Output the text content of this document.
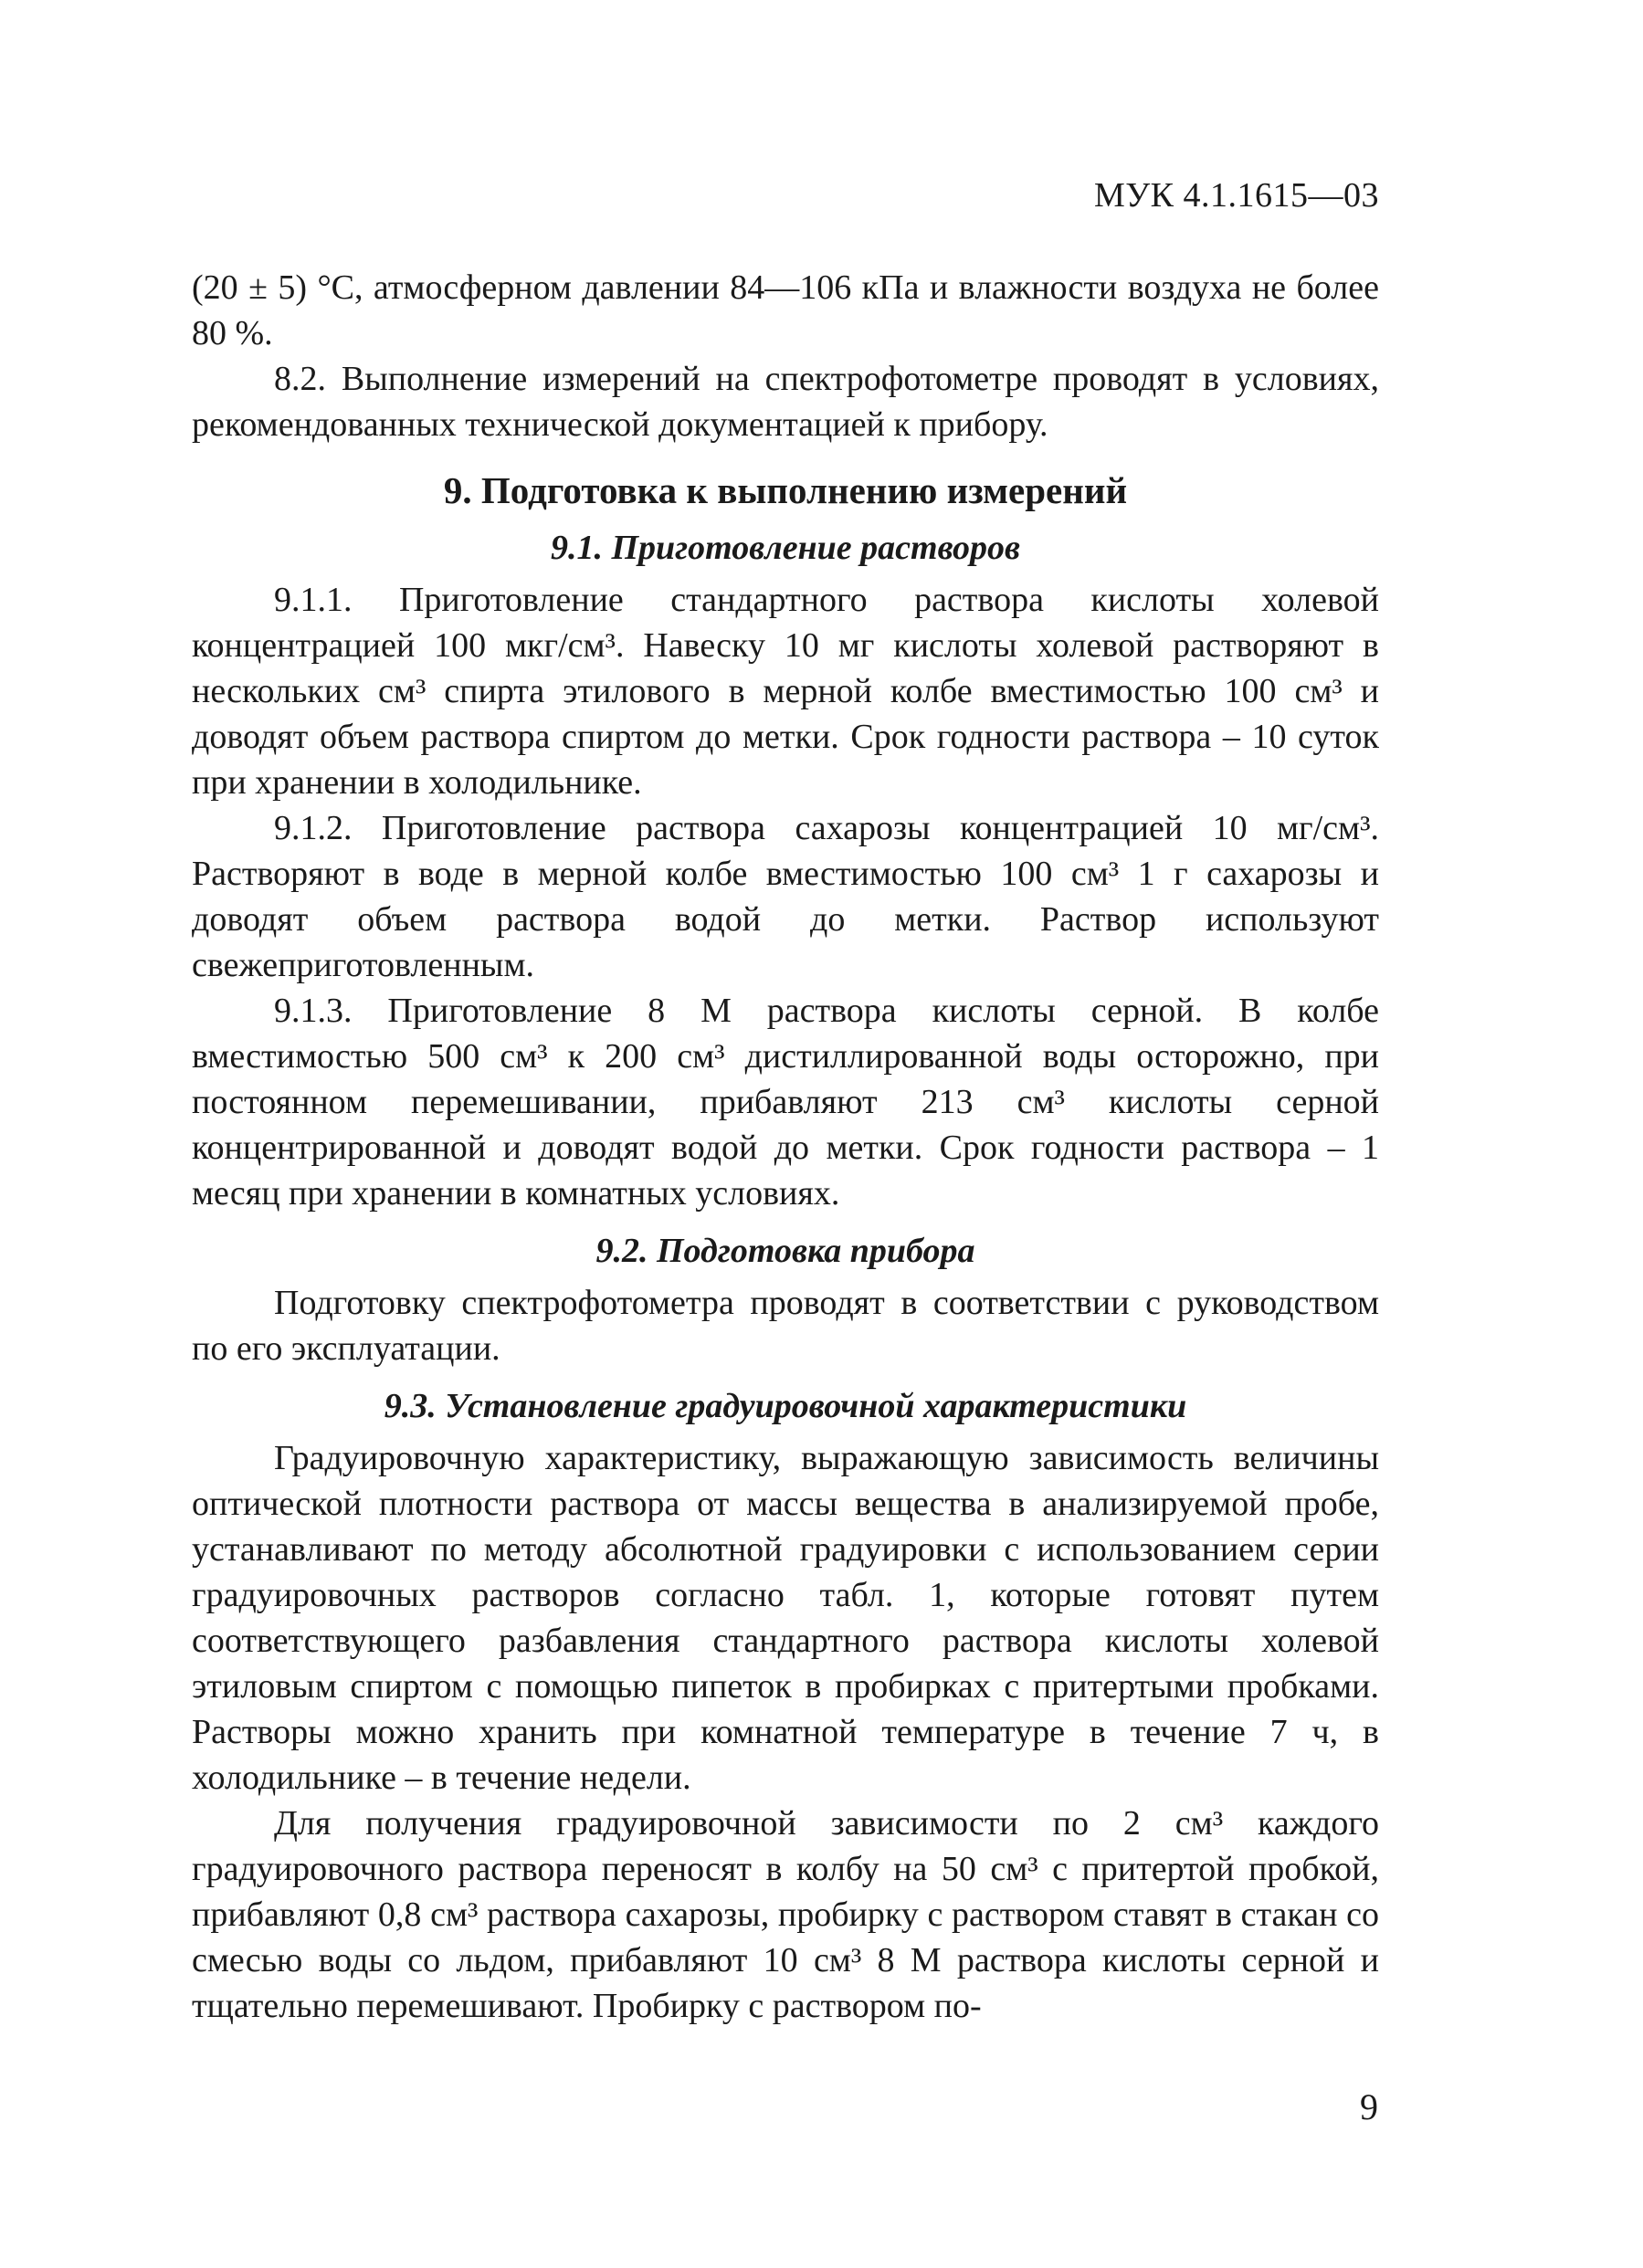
МУК 4.1.1615—03

(20 ± 5) °С, атмосферном давлении 84—106 кПа и влажности воздуха не более 80 %.

8.2. Выполнение измерений на спектрофотометре проводят в условиях, рекомендованных технической документацией к прибору.

9. Подготовка к выполнению измерений

9.1. Приготовление растворов

9.1.1. Приготовление стандартного раствора кислоты холевой концентрацией 100 мкг/см³. Навеску 10 мг кислоты холевой растворяют в нескольких см³ спирта этилового в мерной колбе вместимостью 100 см³ и доводят объем раствора спиртом до метки. Срок годности раствора – 10 суток при хранении в холодильнике.

9.1.2. Приготовление раствора сахарозы концентрацией 10 мг/см³. Растворяют в воде в мерной колбе вместимостью 100 см³ 1 г сахарозы и доводят объем раствора водой до метки. Раствор используют свежеприготовленным.

9.1.3. Приготовление 8 М раствора кислоты серной. В колбе вместимостью 500 см³ к 200 см³ дистиллированной воды осторожно, при постоянном перемешивании, прибавляют 213 см³ кислоты серной концентрированной и доводят водой до метки. Срок годности раствора – 1 месяц при хранении в комнатных условиях.

9.2. Подготовка прибора

Подготовку спектрофотометра проводят в соответствии с руководством по его эксплуатации.

9.3. Установление градуировочной характеристики

Градуировочную характеристику, выражающую зависимость величины оптической плотности раствора от массы вещества в анализируемой пробе, устанавливают по методу абсолютной градуировки с использованием серии градуировочных растворов согласно табл. 1, которые готовят путем соответствующего разбавления стандартного раствора кислоты холевой этиловым спиртом с помощью пипеток в пробирках с притертыми пробками. Растворы можно хранить при комнатной температуре в течение 7 ч, в холодильнике – в течение недели.

Для получения градуировочной зависимости по 2 см³ каждого градуировочного раствора переносят в колбу на 50 см³ с притертой пробкой, прибавляют 0,8 см³ раствора сахарозы, пробирку с раствором ставят в стакан со смесью воды со льдом, прибавляют 10 см³ 8 М раствора кислоты серной и тщательно перемешивают. Пробирку с раствором по-

9
